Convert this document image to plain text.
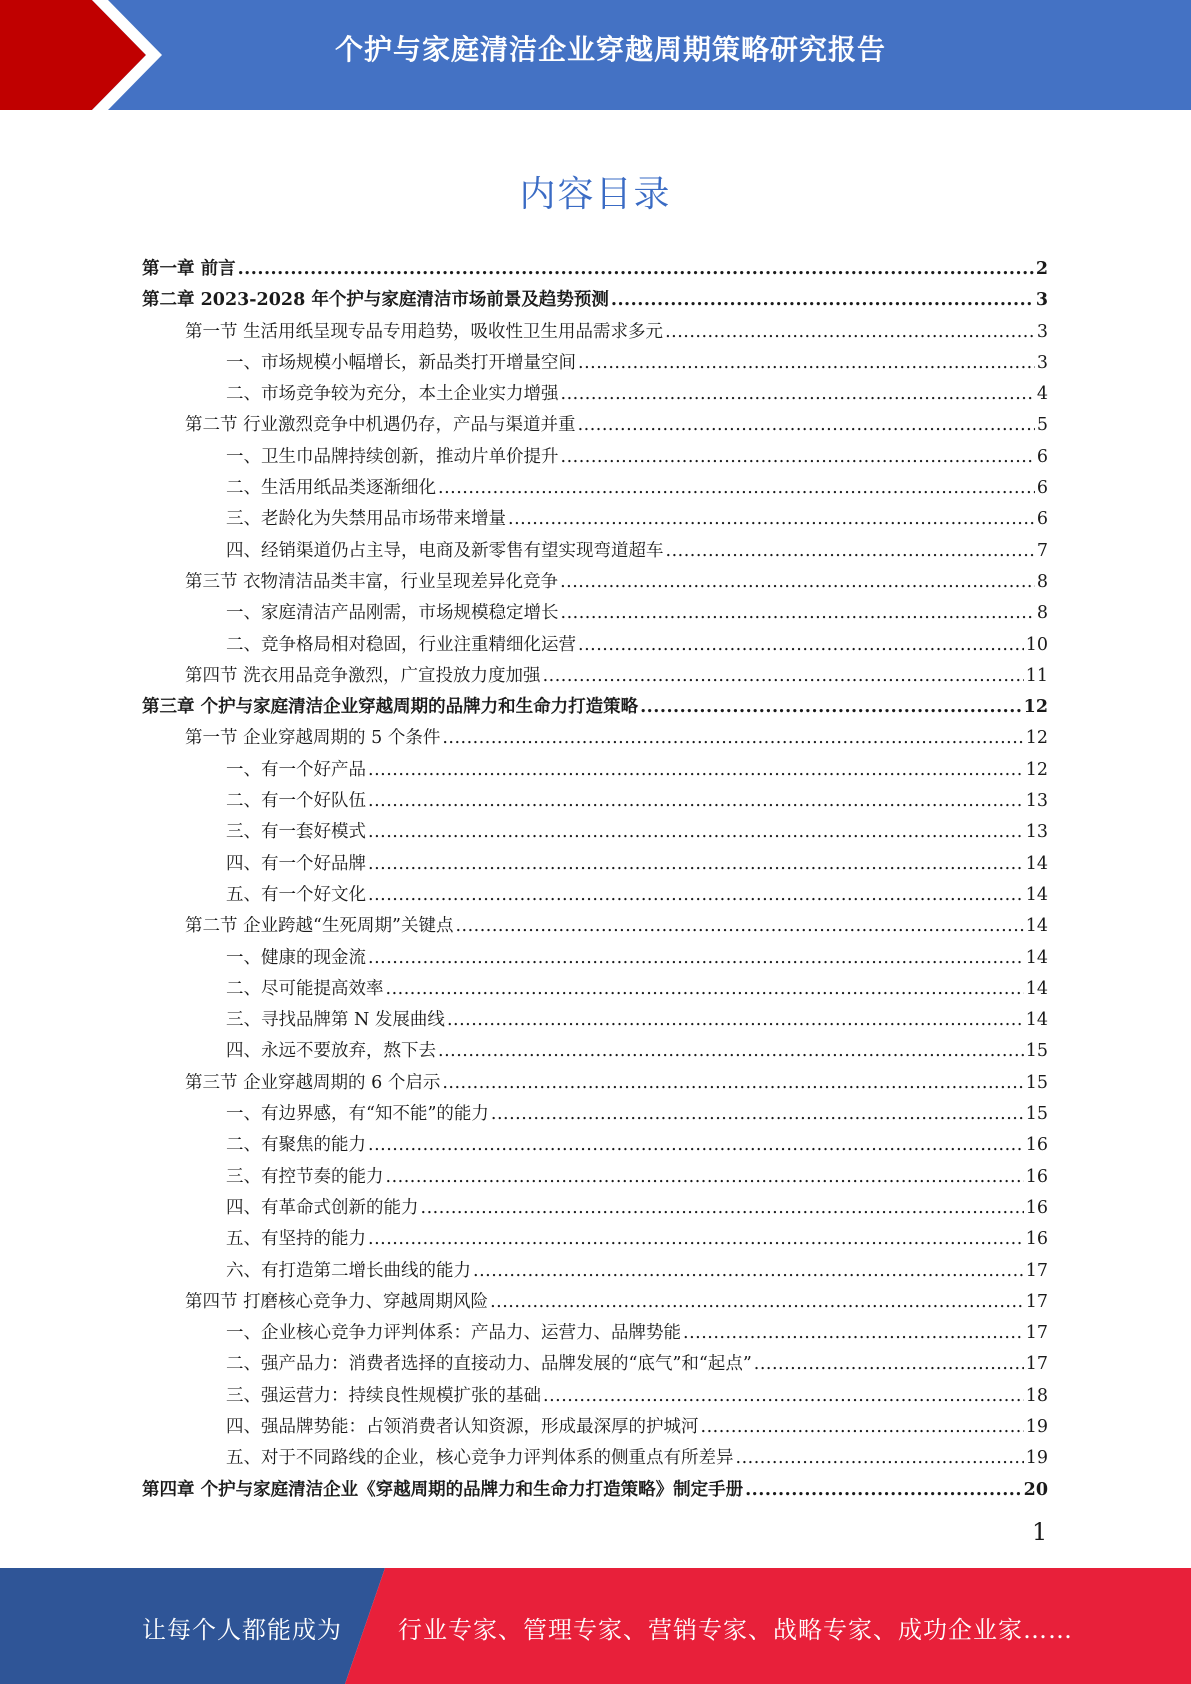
个护与家庭清洁企业穿越周期策略研究报告
内容目录
第一章 前言 .....	2
第二章 2023-2028 年个护与家庭清洁市场前景及趋势预测 .....	3
第一节 生活用纸呈现专品专用趋势，吸收性卫生用品需求多元 .....	3
一、市场规模小幅增长，新品类打开增量空间 .....	3
二、市场竞争较为充分，本土企业实力增强 .....	4
第二节 行业激烈竞争中机遇仍存，产品与渠道并重 .....	5
一、卫生巾品牌持续创新，推动片单价提升 .....	6
二、生活用纸品类逐渐细化 .....	6
三、老龄化为失禁用品市场带来增量 .....	6
四、经销渠道仍占主导，电商及新零售有望实现弯道超车 .....	7
第三节 衣物清洁品类丰富，行业呈现差异化竞争 .....	8
一、家庭清洁产品刚需，市场规模稳定增长 .....	8
二、竞争格局相对稳固，行业注重精细化运营 .....	10
第四节 洗衣用品竞争激烈，广宣投放力度加强 .....	11
第三章 个护与家庭清洁企业穿越周期的品牌力和生命力打造策略 .....	12
第一节 企业穿越周期的 5 个条件 .....	12
一、有一个好产品 .....	12
二、有一个好队伍 .....	13
三、有一套好模式 .....	13
四、有一个好品牌 .....	14
五、有一个好文化 .....	14
第二节 企业跨越“生死周期”关键点 .....	14
一、健康的现金流 .....	14
二、尽可能提高效率 .....	14
三、寻找品牌第 N 发展曲线 .....	14
四、永远不要放弃，熬下去 .....	15
第三节 企业穿越周期的 6 个启示 .....	15
一、有边界感，有“知不能”的能力 .....	15
二、有聚焦的能力 .....	16
三、有控节奏的能力 .....	16
四、有革命式创新的能力 .....	16
五、有坚持的能力 .....	16
六、有打造第二增长曲线的能力 .....	17
第四节 打磨核心竞争力、穿越周期风险 .....	17
一、企业核心竞争力评判体系：产品力、运营力、品牌势能 .....	17
二、强产品力：消费者选择的直接动力、品牌发展的“底气”和“起点” .....	17
三、强运营力：持续良性规模扩张的基础 .....	18
四、强品牌势能：占领消费者认知资源，形成最深厚的护城河 .....	19
五、对于不同路线的企业，核心竞争力评判体系的侧重点有所差异 .....	19
第四章 个护与家庭清洁企业《穿越周期的品牌力和生命力打造策略》制定手册 .....	20
1
让每个人都能成为 行业专家、管理专家、营销专家、战略专家、成功企业家……
